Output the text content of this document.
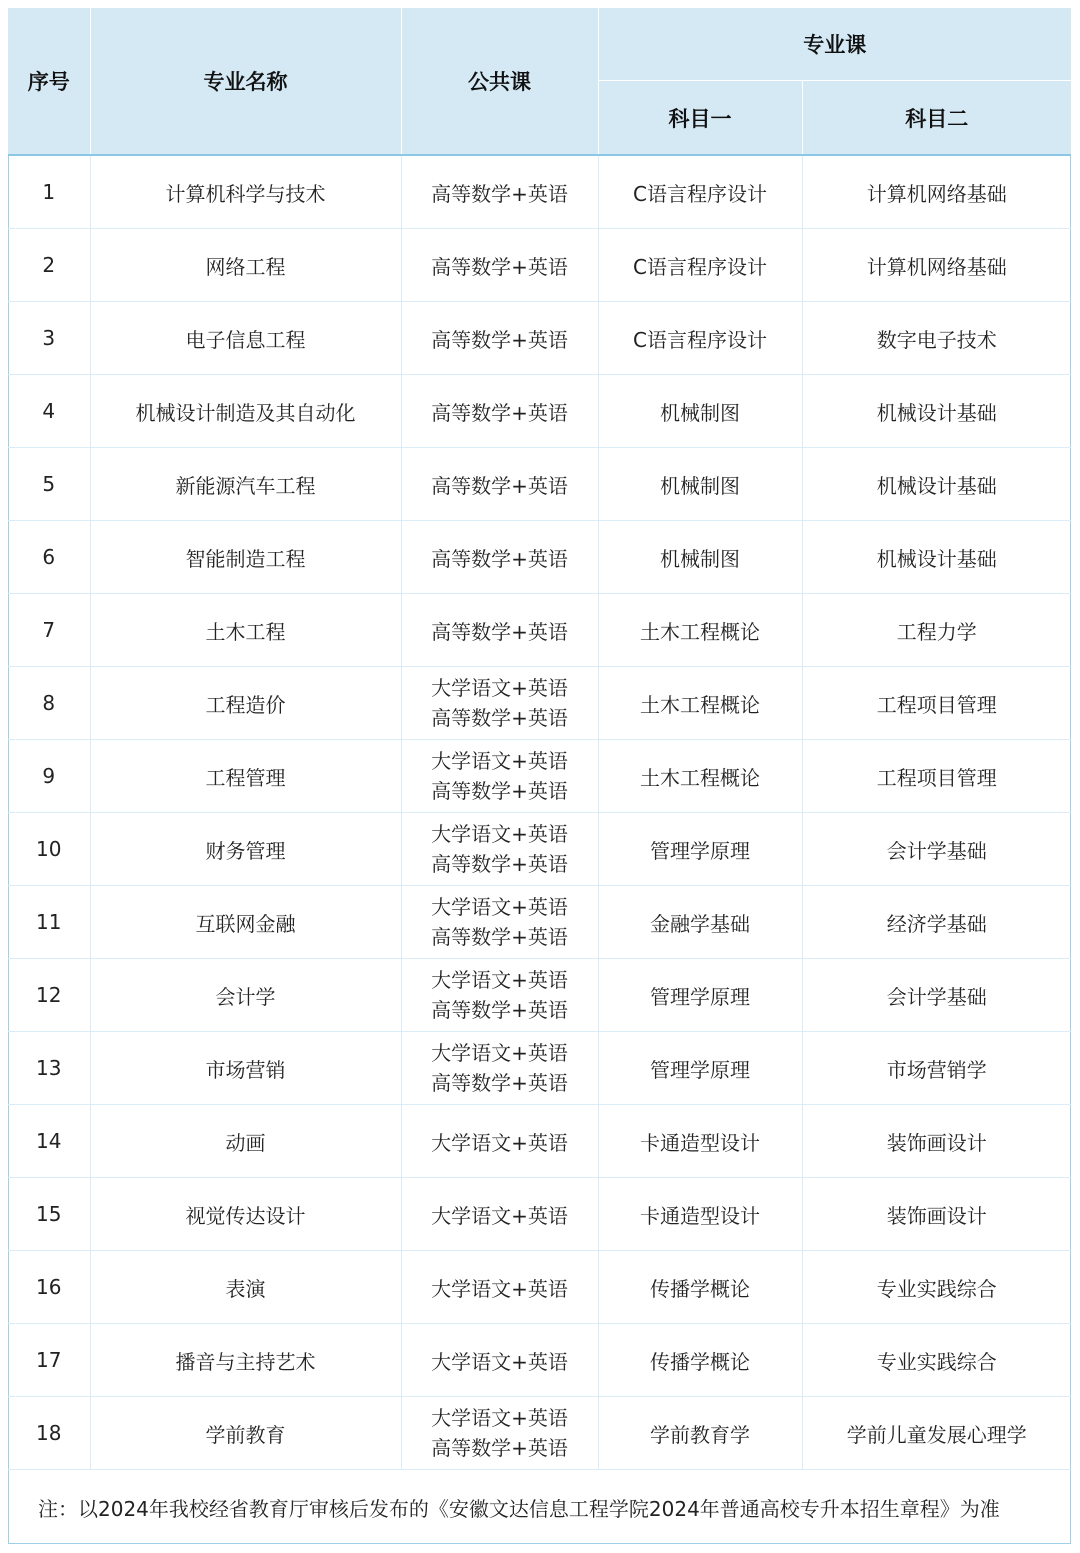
序号	专业名称	公共课	专业课	
			科目一	科目二
1	计算机科学与技术	高等数学+英语	C语言程序设计	计算机网络基础
2	网络工程	高等数学+英语	C语言程序设计	计算机网络基础
3	电子信息工程	高等数学+英语	C语言程序设计	数字电子技术
4	机械设计制造及其自动化	高等数学+英语	机械制图	机械设计基础
5	新能源汽车工程	高等数学+英语	机械制图	机械设计基础
6	智能制造工程	高等数学+英语	机械制图	机械设计基础
7	土木工程	高等数学+英语	土木工程概论	工程力学
8	工程造价	大学语文+英语
高等数学+英语	土木工程概论	工程项目管理
9	工程管理	大学语文+英语
高等数学+英语	土木工程概论	工程项目管理
10	财务管理	大学语文+英语
高等数学+英语	管理学原理	会计学基础
11	互联网金融	大学语文+英语
高等数学+英语	金融学基础	经济学基础
12	会计学	大学语文+英语
高等数学+英语	管理学原理	会计学基础
13	市场营销	大学语文+英语
高等数学+英语	管理学原理	市场营销学
14	动画	大学语文+英语	卡通造型设计	装饰画设计
15	视觉传达设计	大学语文+英语	卡通造型设计	装饰画设计
16	表演	大学语文+英语	传播学概论	专业实践综合
17	播音与主持艺术	大学语文+英语	传播学概论	专业实践综合
18	学前教育	大学语文+英语
高等数学+英语	学前教育学	学前儿童发展心理学
注：以2024年我校经省教育厅审核后发布的《安徽文达信息工程学院2024年普通高校专升本招生章程》为准				
